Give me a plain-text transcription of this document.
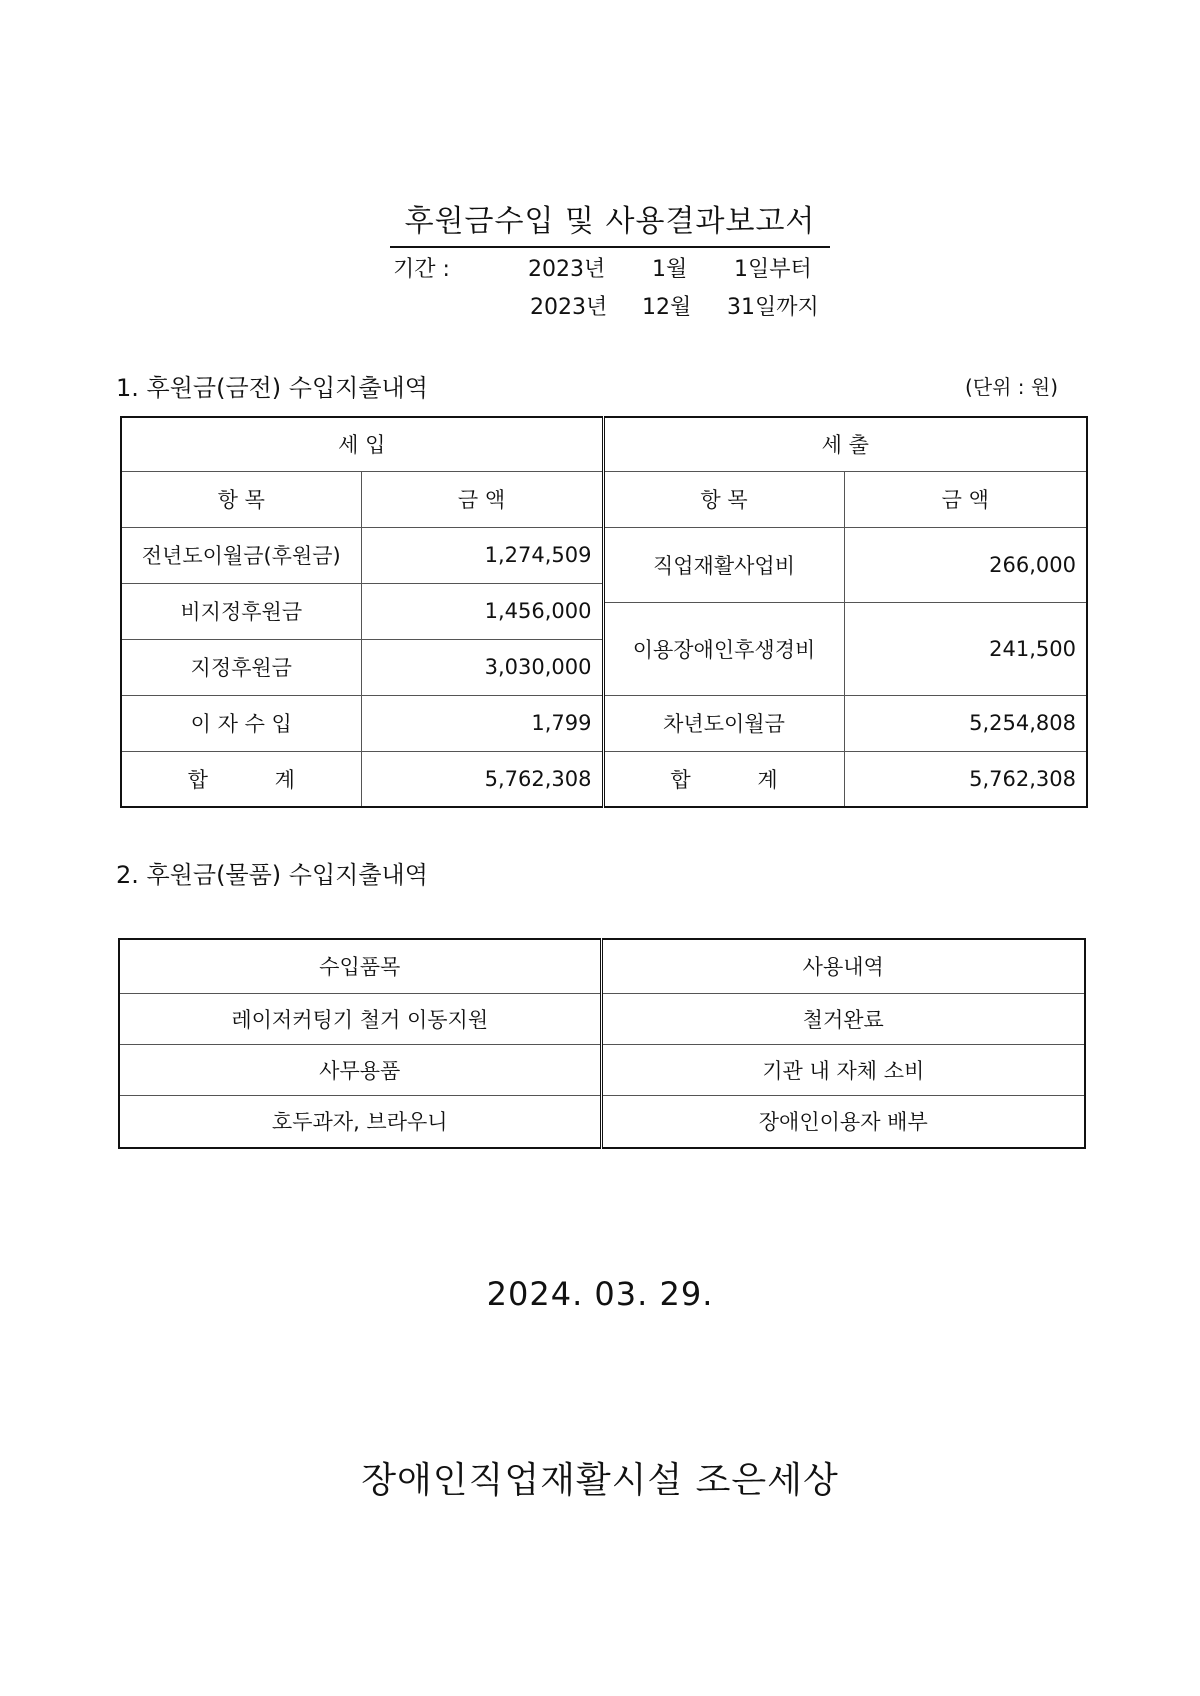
후원금수입 및 사용결과보고서
기간 :	2023년 1월 1일부터
2023년 12월 31일까지
1. 후원금(금전) 수입지출내역	(단위 : 원)
세 입		세 출	
항 목	금 액	항 목	금 액
전년도이월금(후원금)	1,274,509	직업재활사업비	266,000
비지정후원금	1,456,000		
		이용장애인후생경비	241,500

지정후원금	3,030,000		

이 자 수 입	1,799	차년도이월금	5,254,808

합 계	5,762,308	합 계	5,762,308
2. 후원금(물품) 수입지출내역
수입품목	사용내역
레이저커팅기 철거 이동지원	철거완료
사무용품	기관 내 자체 소비
호두과자, 브라우니	장애인이용자 배부
2024. 03. 29.
장애인직업재활시설 조은세상
